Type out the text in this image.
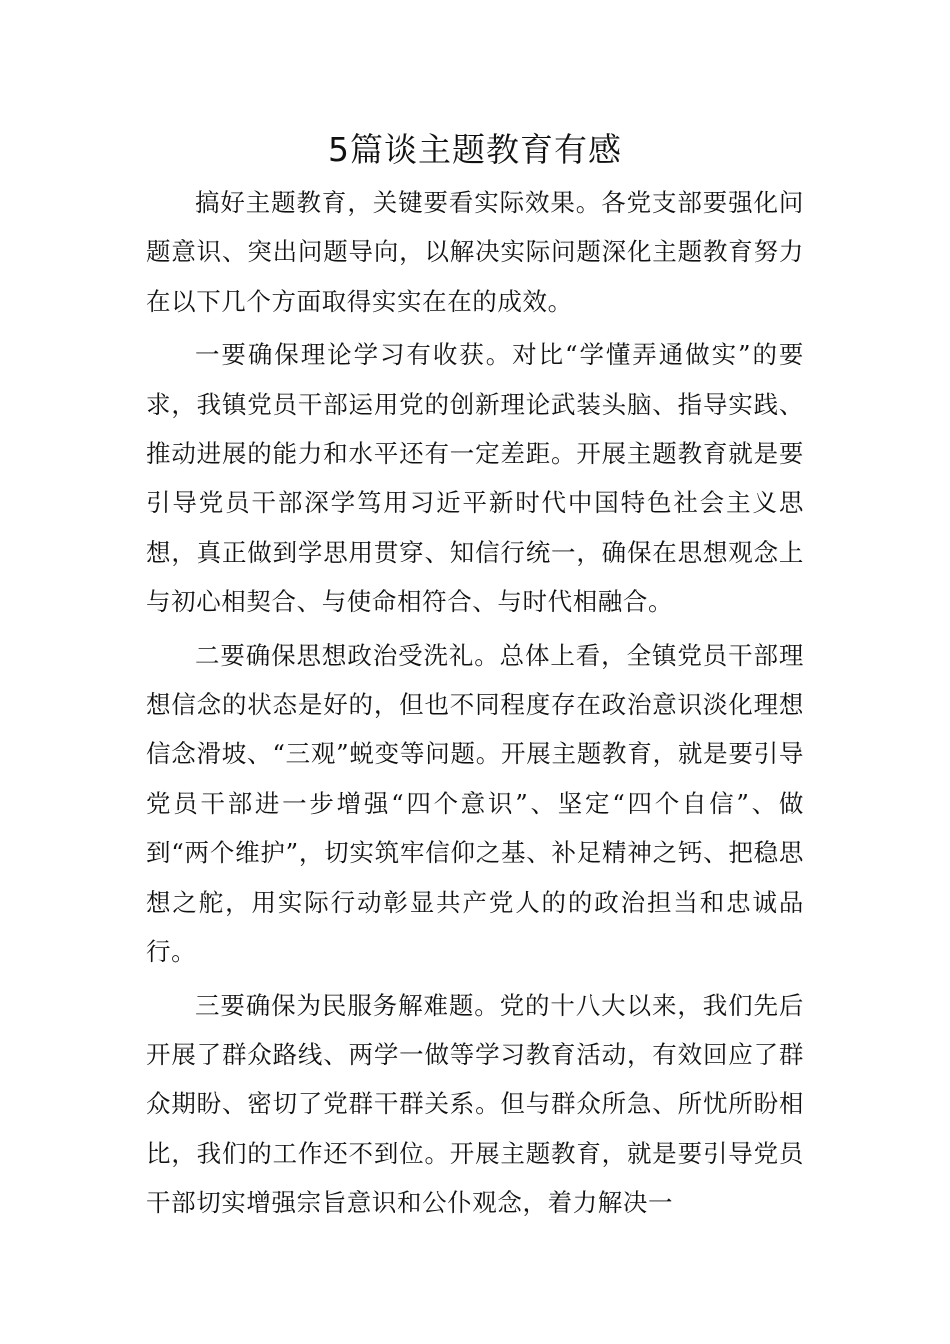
5篇谈主题教育有感

搞好主题教育，关键要看实际效果。各党支部要强化问题意识、突出问题导向，以解决实际问题深化主题教育努力在以下几个方面取得实实在在的成效。

一要确保理论学习有收获。对比“学懂弄通做实”的要求，我镇党员干部运用党的创新理论武装头脑、指导实践、推动进展的能力和水平还有一定差距。开展主题教育就是要引导党员干部深学笃用习近平新时代中国特色社会主义思想，真正做到学思用贯穿、知信行统一，确保在思想观念上与初心相契合、与使命相符合、与时代相融合。

二要确保思想政治受洗礼。总体上看，全镇党员干部理想信念的状态是好的，但也不同程度存在政治意识淡化理想信念滑坡、“三观”蜕变等问题。开展主题教育，就是要引导党员干部进一步增强“四个意识”、坚定“四个自信”、做到“两个维护”，切实筑牢信仰之基、补足精神之钙、把稳思想之舵，用实际行动彰显共产党人的的政治担当和忠诚品行。

三要确保为民服务解难题。党的十八大以来，我们先后开展了群众路线、两学一做等学习教育活动，有效回应了群众期盼、密切了党群干群关系。但与群众所急、所忧所盼相比，我们的工作还不到位。开展主题教育，就是要引导党员干部切实增强宗旨意识和公仆观念，着力解决一
